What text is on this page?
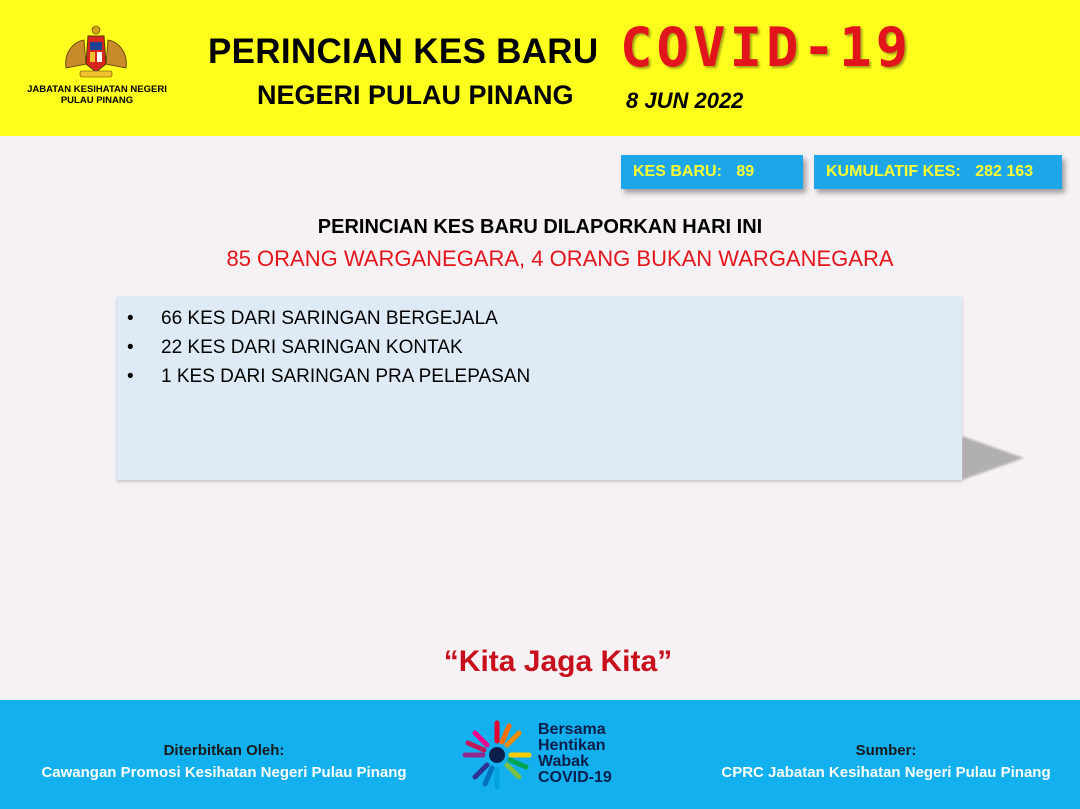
JABATAN KESIHATAN NEGERI
PULAU PINANG
PERINCIAN KES BARU COVID-19
NEGERI PULAU PINANG 8 JUN 2022
KES BARU: 89	KUMULATIF KES: 282 163
PERINCIAN KES BARU DILAPORKAN HARI INI
85 ORANG WARGANEGARA, 4 ORANG BUKAN WARGANEGARA
• 66 KES DARI SARINGAN BERGEJALA
• 22 KES DARI SARINGAN KONTAK
• 1 KES DARI SARINGAN PRA PELEPASAN
“Kita Jaga Kita”
Diterbitkan Oleh:
Cawangan Promosi Kesihatan Negeri Pulau Pinang
Bersama
Hentikan
Wabak
COVID-19
Sumber:
CPRC Jabatan Kesihatan Negeri Pulau Pinang
